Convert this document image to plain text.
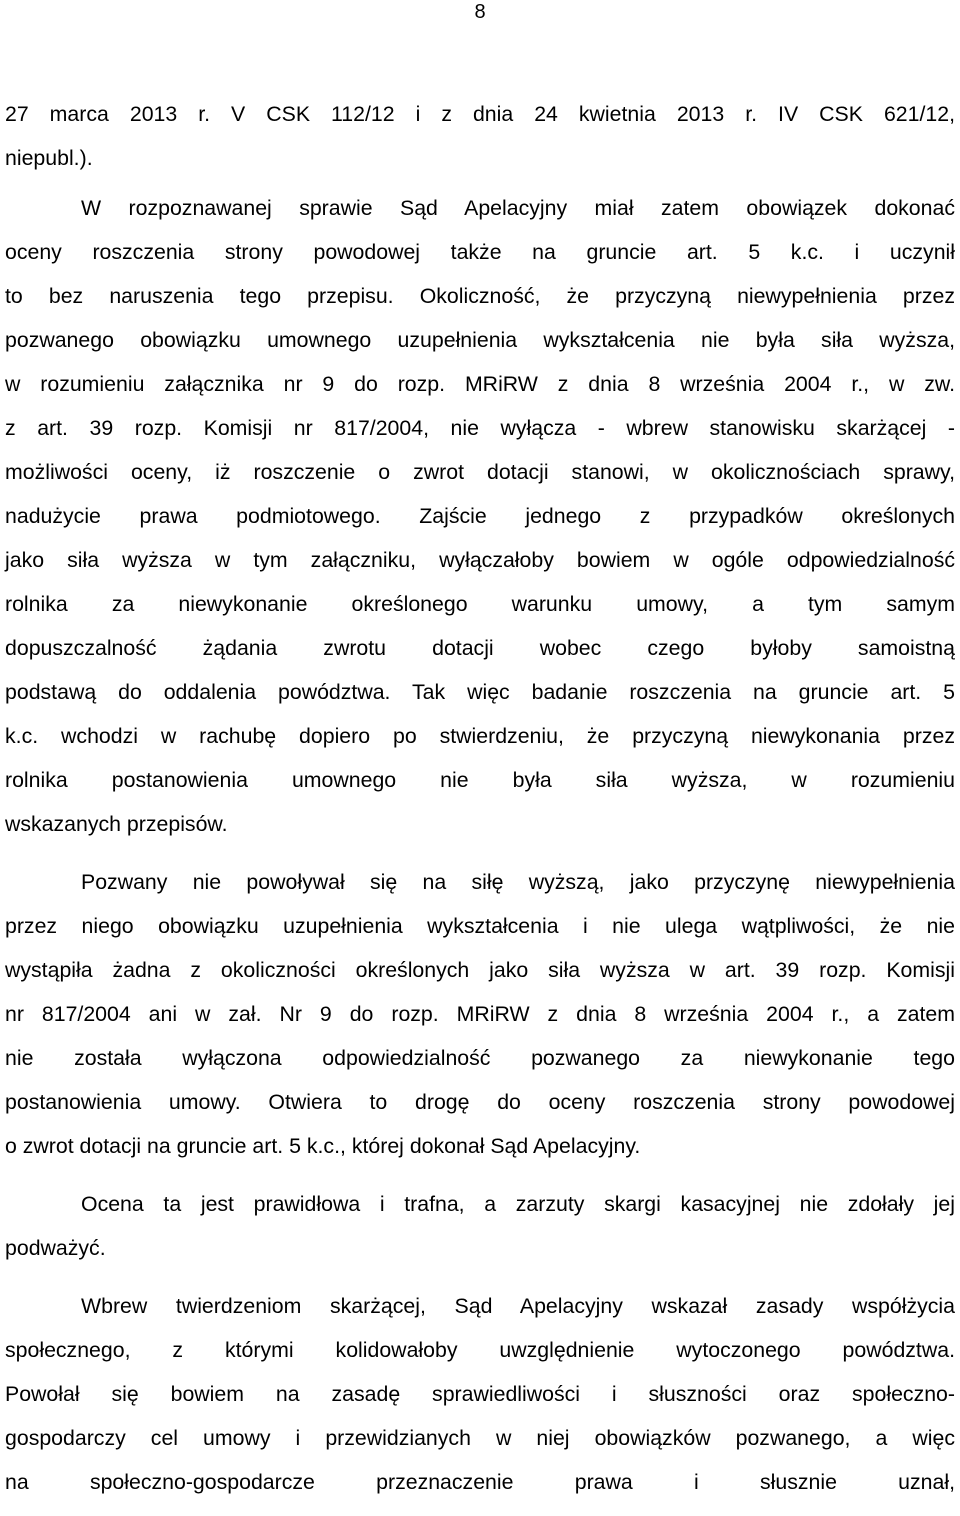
8
27 marca 2013 r. V CSK 112/12 i z dnia 24 kwietnia 2013 r. IV CSK 621/12,
niepubl.).
W rozpoznawanej sprawie Sąd Apelacyjny miał zatem obowiązek dokonać
oceny roszczenia strony powodowej także na gruncie art. 5 k.c. i uczynił
to bez naruszenia tego przepisu. Okoliczność, że przyczyną niewypełnienia przez
pozwanego obowiązku umownego uzupełnienia wykształcenia nie była siła wyższa,
w rozumieniu załącznika nr 9 do rozp. MRiRW z dnia 8 września 2004 r., w zw.
z art. 39 rozp. Komisji nr 817/2004, nie wyłącza - wbrew stanowisku skarżącej -
możliwości oceny, iż roszczenie o zwrot dotacji stanowi, w okolicznościach sprawy,
nadużycie prawa podmiotowego. Zajście jednego z przypadków określonych
jako siła wyższa w tym załączniku, wyłączałoby bowiem w ogóle odpowiedzialność
rolnika za niewykonanie określonego warunku umowy, a tym samym
dopuszczalność żądania zwrotu dotacji wobec czego byłoby samoistną
podstawą do oddalenia powództwa. Tak więc badanie roszczenia na gruncie art. 5
k.c. wchodzi w rachubę dopiero po stwierdzeniu, że przyczyną niewykonania przez
rolnika postanowienia umownego nie była siła wyższa, w rozumieniu
wskazanych przepisów.
Pozwany nie powoływał się na siłę wyższą, jako przyczynę niewypełnienia
przez niego obowiązku uzupełnienia wykształcenia i nie ulega wątpliwości, że nie
wystąpiła żadna z okoliczności określonych jako siła wyższa w art. 39 rozp. Komisji
nr 817/2004 ani w zał. Nr 9 do rozp. MRiRW z dnia 8 września 2004 r., a zatem
nie została wyłączona odpowiedzialność pozwanego za niewykonanie tego
postanowienia umowy. Otwiera to drogę do oceny roszczenia strony powodowej
o zwrot dotacji na gruncie art. 5 k.c., której dokonał Sąd Apelacyjny.
Ocena ta jest prawidłowa i trafna, a zarzuty skargi kasacyjnej nie zdołały jej
podważyć.
Wbrew twierdzeniom skarżącej, Sąd Apelacyjny wskazał zasady współżycia
społecznego, z którymi kolidowałoby uwzględnienie wytoczonego powództwa.
Powołał się bowiem na zasadę sprawiedliwości i słuszności oraz społeczno-
gospodarczy cel umowy i przewidzianych w niej obowiązków pozwanego, a więc
na społeczno-gospodarcze przeznaczenie prawa i słusznie uznał,
